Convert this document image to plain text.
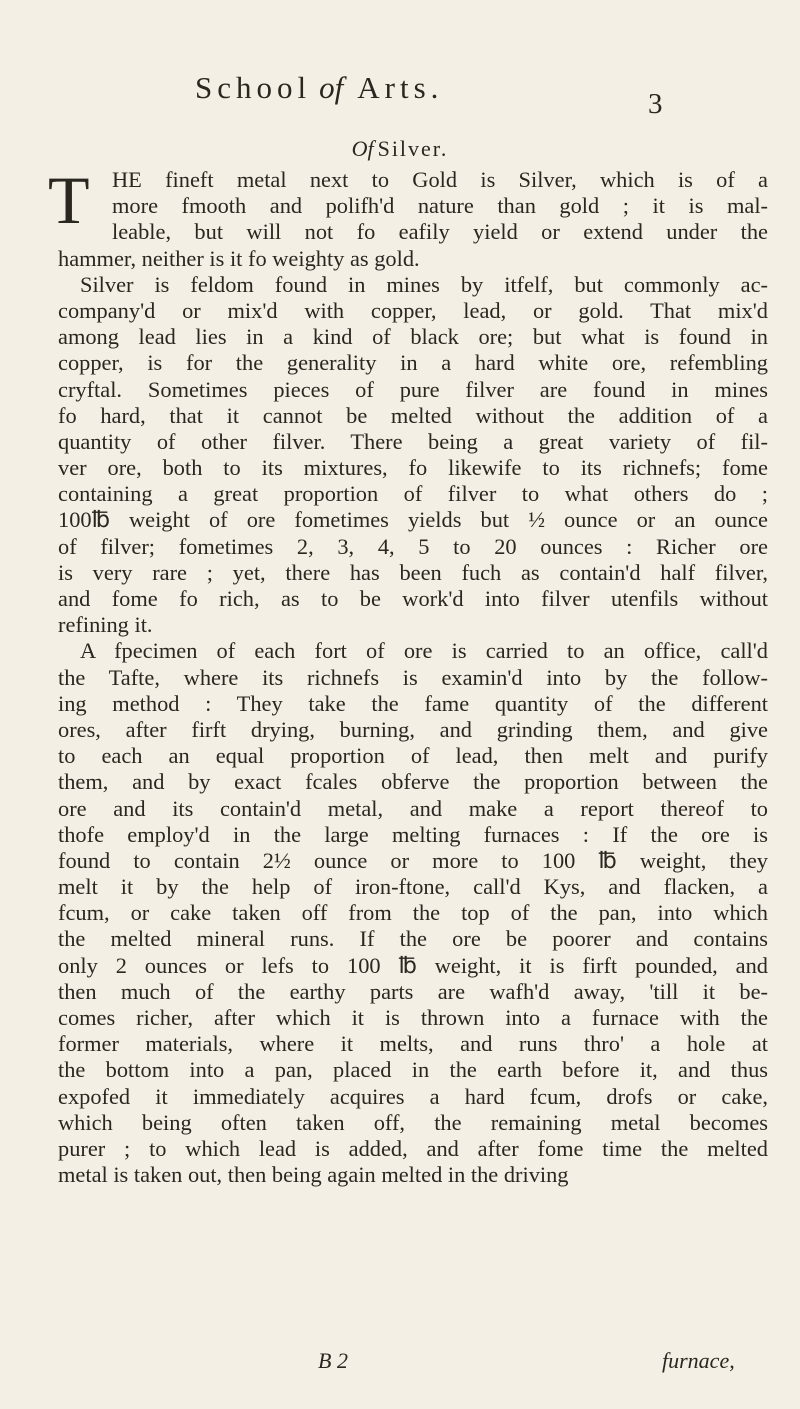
School of Arts.	3
Of Silver.
T	HE fineft metal next to Gold is Silver, which is of a
more fmooth and polifh'd nature than gold ; it is mal-
leable, but will not fo eafily yield or extend under the
hammer, neither is it fo weighty as gold.
Silver is feldom found in mines by itfelf, but commonly ac-
company'd or mix'd with copper, lead, or gold. That mix'd
among lead lies in a kind of black ore; but what is found in
copper, is for the generality in a hard white ore, refembling
cryftal. Sometimes pieces of pure filver are found in mines
fo hard, that it cannot be melted without the addition of a
quantity of other filver. There being a great variety of fil-
ver ore, both to its mixtures, fo likewife to its richnefs; fome
containing a great proportion of filver to what others do ;
100℔ weight of ore fometimes yields but ½ ounce or an ounce
of filver; fometimes 2, 3, 4, 5 to 20 ounces : Richer ore
is very rare ; yet, there has been fuch as contain'd half filver,
and fome fo rich, as to be work'd into filver utenfils without
refining it.
A fpecimen of each fort of ore is carried to an office, call'd
the Tafte, where its richnefs is examin'd into by the follow-
ing method : They take the fame quantity of the different
ores, after firft drying, burning, and grinding them, and give
to each an equal proportion of lead, then melt and purify
them, and by exact fcales obferve the proportion between the
ore and its contain'd metal, and make a report thereof to
thofe employ'd in the large melting furnaces : If the ore is
found to contain 2½ ounce or more to 100 ℔ weight, they
melt it by the help of iron-ftone, call'd Kys, and flacken, a
fcum, or cake taken off from the top of the pan, into which
the melted mineral runs. If the ore be poorer and contains
only 2 ounces or lefs to 100 ℔ weight, it is firft pounded, and
then much of the earthy parts are wafh'd away, 'till it be-
comes richer, after which it is thrown into a furnace with the
former materials, where it melts, and runs thro' a hole at
the bottom into a pan, placed in the earth before it, and thus
expofed it immediately acquires a hard fcum, drofs or cake,
which being often taken off, the remaining metal becomes
purer ; to which lead is added, and after fome time the melted
metal is taken out, then being again melted in the driving
B 2	furnace,
